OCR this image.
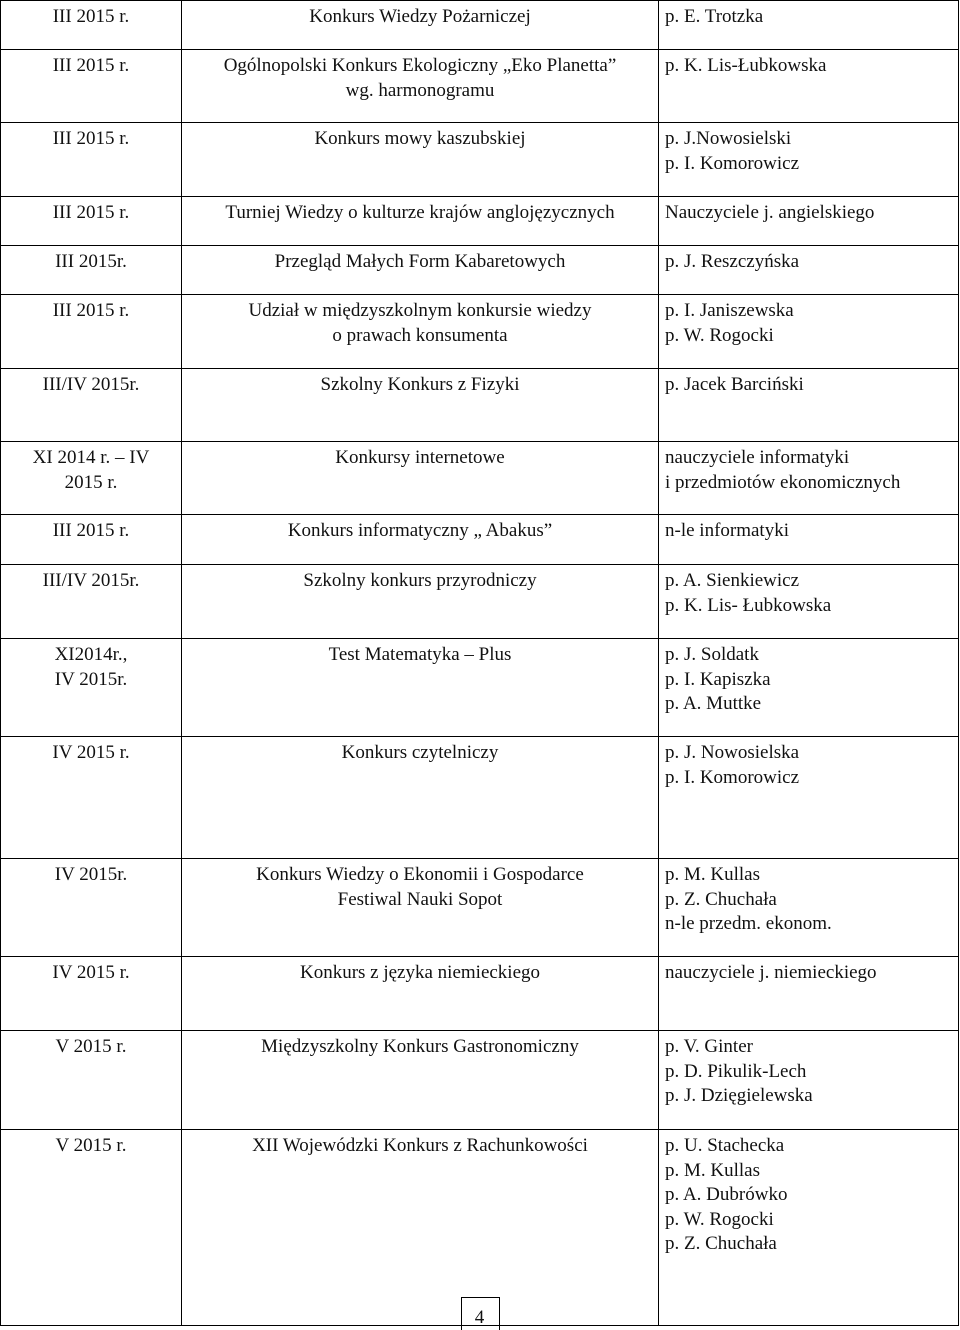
III 2015 r.	Konkurs Wiedzy Pożarniczej	p. E. Trotzka

III 2015 r.	Ogólnopolski Konkurs Ekologiczny „Eko Planetta”
wg. harmonogramu	p. K. Lis-Łubkowska

III 2015 r.	Konkurs mowy kaszubskiej	p. J.Nowosielski
p. I. Komorowicz

III 2015 r.	Turniej Wiedzy o kulturze krajów anglojęzycznych	Nauczyciele j. angielskiego

III 2015r.	Przegląd Małych Form Kabaretowych	p. J. Reszczyńska

III 2015 r.	Udział w międzyszkolnym konkursie wiedzy
o prawach konsumenta	p. I. Janiszewska
p. W. Rogocki

III/IV 2015r.	Szkolny Konkurs z Fizyki	p. Jacek Barciński

XI 2014 r. – IV
2015 r.	Konkursy internetowe	nauczyciele informatyki
i przedmiotów ekonomicznych

III 2015 r.	Konkurs informatyczny „ Abakus”	n-le informatyki

III/IV 2015r.	Szkolny konkurs przyrodniczy	p. A. Sienkiewicz
p. K. Lis- Łubkowska

XI2014r.,
IV 2015r.	Test Matematyka – Plus	p. J. Soldatk
p. I. Kapiszka
p. A. Muttke

IV 2015 r.	Konkurs czytelniczy	p. J. Nowosielska
p. I. Komorowicz

IV 2015r.	Konkurs Wiedzy o Ekonomii i Gospodarce
Festiwal Nauki Sopot	p. M. Kullas
p. Z. Chuchała
n-le przedm. ekonom.

IV 2015 r.	Konkurs z języka niemieckiego	nauczyciele j. niemieckiego

V 2015 r.	Międzyszkolny Konkurs Gastronomiczny	p. V. Ginter
p. D. Pikulik-Lech
p. J. Dzięgielewska

V 2015 r.	XII Wojewódzki Konkurs z Rachunkowości	p. U. Stachecka
p. M. Kullas
p. A. Dubrówko
p. W. Rogocki
p. Z. Chuchała
4
